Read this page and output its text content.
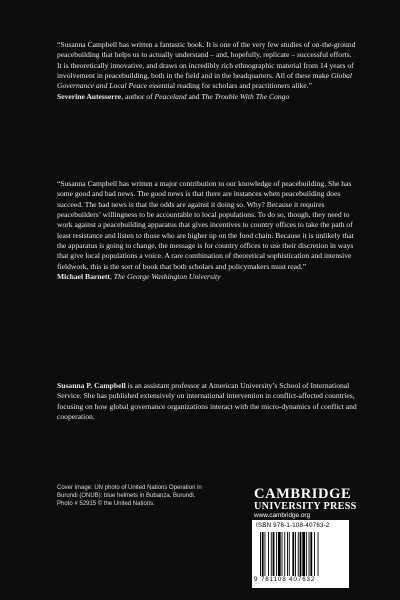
“Susanna Campbell has written a fantastic book. It is one of the very few studies of on-the-ground peacebuilding that helps us to actually understand – and, hopefully, replicate – successful efforts. It is theoretically innovative, and draws on incredibly rich ethnographic material from 14 years of involvement in peacebuilding, both in the field and in the headquarters. All of these make Global Governance and Local Peace essential reading for scholars and practitioners alike.”
Severine Autesserre, author of Peaceland and The Trouble With The Congo
“Susanna Campbell has written a major contribution to our knowledge of peacebuilding. She has some good and bad news. The good news is that there are instances when peacebuilding does succeed. The bad news is that the odds are against it doing so. Why? Because it requires peacebuilders’ willingness to be accountable to local populations. To do so, though, they need to work against a peacebuilding apparatus that gives incentives to country offices to take the path of least resistance and listen to those who are higher up on the food chain. Because it is unlikely that the apparatus is going to change, the message is for country offices to use their discretion in ways that give local populations a voice. A rare combination of theoretical sophistication and intensive fieldwork, this is the sort of book that both scholars and policymakers must read.”
Michael Barnett, The George Washington University
Susanna P. Campbell is an assistant professor at American University’s School of International Service. She has published extensively on international intervention in conflict-affected countries, focusing on how global governance organizations interact with the micro-dynamics of conflict and cooperation.
Cover image: UN photo of United Nations Operation in Burundi (ONUB): blue helmets in Bubanza, Burundi. Photo # 52915 © the United Nations.
CAMBRIDGE
UNIVERSITY PRESS
www.cambridge.org
ISBN 978-1-108-40763-2
9 781108 407632
